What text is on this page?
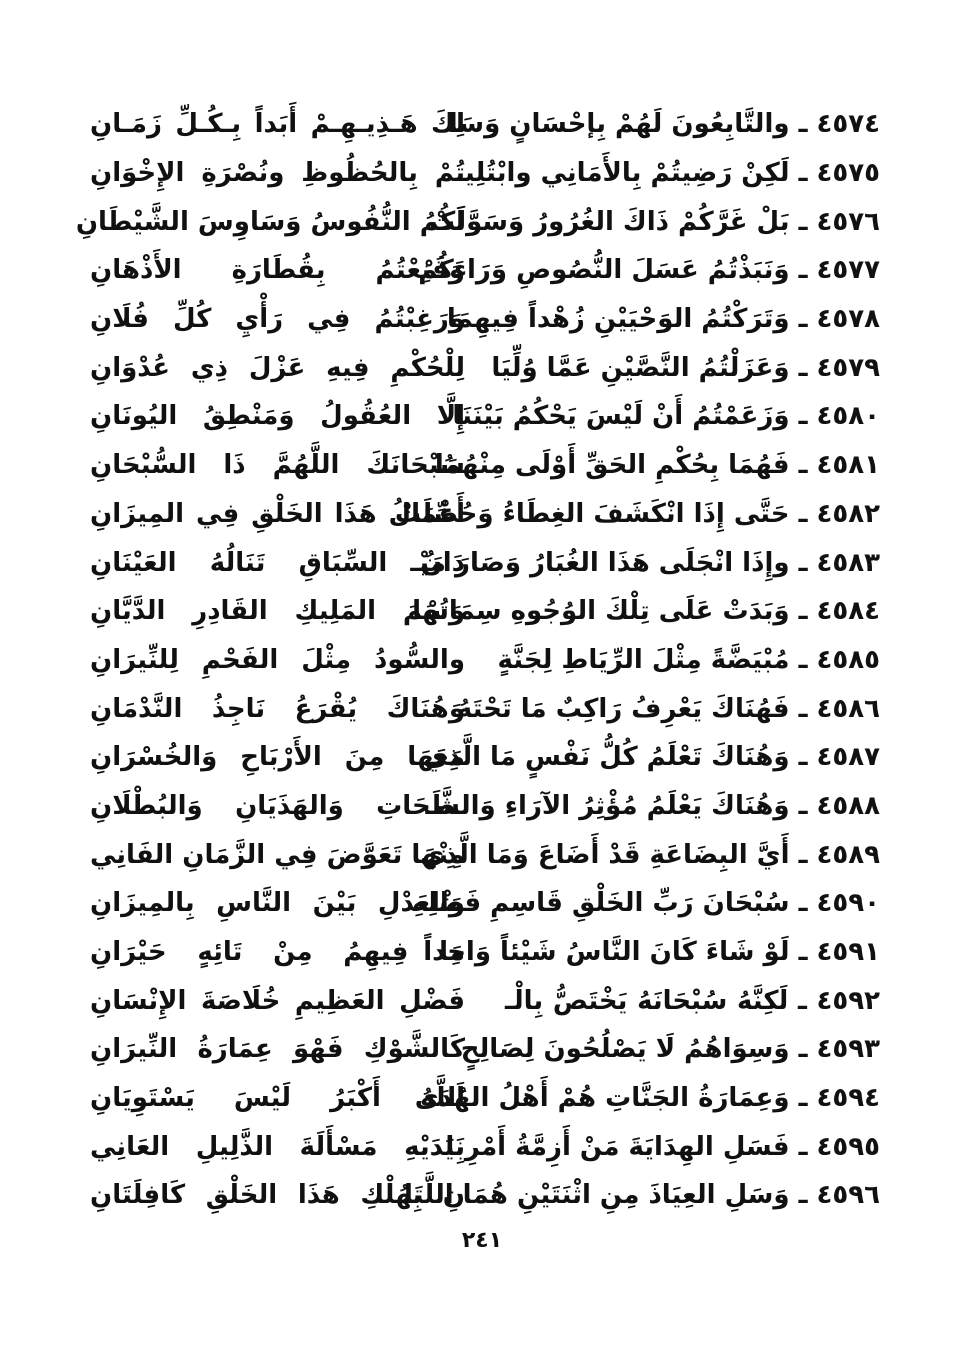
٤٥٧٤ ـ والتَّابِعُونَ لَهُمْ بِإحْسَانٍ وَسَا
لِكَ هَـذِيـهِـمْ أَبَداً بِـكُـلِّ زَمَـانِ
٤٥٧٥ ـ لَكِنْ رَضِيتُمْ بِالأَمَانِي وابْتُلِيـ
تُمْ بِالحُظُوظِ ونُصْرَةِ الإِخْوَانِ
٤٥٧٦ ـ بَلْ غَرَّكُمْ ذَاكَ الغُرُورُ وَسَوَّلَتْ
لَكُمُ النُّفُوسُ وَسَاوِسَ الشَّيْطَانِ
٤٥٧٧ ـ وَنَبَذْتُمُ عَسَلَ النُّصُوصِ وَرَاءَكُمْ
وَقَنِعْتُمُ بِقُطَارَةِ الأَذْهَانِ
٤٥٧٨ ـ وَتَرَكْتُمُ الوَحْيَيْنِ زُهْداً فِيهِمَا
وَرَغِبْتُمُ فِي رَأْيِ كُلِّ فُلَانِ
٤٥٧٩ ـ وَعَزَلْتُمُ النَّصَّيْنِ عَمَّا وُلِّيَا
لِلْحُكْمِ فِيهِ عَزْلَ ذِي عُدْوَانِ
٤٥٨٠ ـ وَزَعَمْتُمُ أَنْ لَيْسَ يَحْكُمُ بَيْنَنَا
إِلَّا العُقُولُ وَمَنْطِقُ اليُونَانِ
٤٥٨١ ـ فَهُمَا بِحُكْمِ الحَقِّ أَوْلَى مِنْهُمَا
سُبْحَانَكَ اللَّهُمَّ ذَا السُّبْحَانِ
٤٥٨٢ ـ حَتَّى إِذَا انْكَشَفَ الغِطَاءُ وَحُصِّلَتْ
أَعْمَالُ هَذَا الخَلْقِ فِي المِيزَانِ
٤٥٨٣ ـ وإِذَا انْجَلَى هَذَا الغُبَارُ وَصَارَ مَيْـ
دَانُ السِّبَاقِ تَنَالُهُ العَيْنَانِ
٤٥٨٤ ـ وَبَدَتْ عَلَى تِلْكَ الوُجُوهِ سِمَاتُهَا
وَسْمَ المَلِيكِ القَادِرِ الدَّيَّانِ
٤٥٨٥ ـ مُبْيَضَّةً مِثْلَ الرِّيَاطِ لِجَنَّةٍ
والسُّودُ مِثْلَ الفَحْمِ لِلنِّيرَانِ
٤٥٨٦ ـ فَهُنَاكَ يَعْرِفُ رَاكِبٌ مَا تَحْتَهُ
وَهُنَاكَ يُقْرَعُ نَاجِذُ النَّدْمَانِ
٤٥٨٧ ـ وَهُنَاكَ تَعْلَمُ كُلُّ نَفْسٍ مَا الَّذِي
مَعَهَا مِنَ الأَرْبَاحِ وَالخُسْرَانِ
٤٥٨٨ ـ وَهُنَاكَ يَعْلَمُ مُؤْثِرُ الآرَاءِ وَالشَّـ
ـطَحَاتِ وَالهَذَيَانِ وَالبُطْلَانِ
٤٥٨٩ ـ أَيَّ البِضَاعَةِ قَدْ أَضَاعَ وَمَا الَّذِي
مِنْهَا تَعَوَّضَ فِي الزَّمَانِ الفَانِي
٤٥٩٠ ـ سُبْحَانَ رَبِّ الخَلْقِ قَاسِمِ فَضْلِهِ
وَالعَدْلِ بَيْنَ النَّاسِ بِالمِيزَانِ
٤٥٩١ ـ لَوْ شَاءَ كَانَ النَّاسُ شَيْئاً وَاحِداً
مَا فِيهِمُ مِنْ تَائِهٍ حَيْرَانِ
٤٥٩٢ ـ لَكِنَّهُ سُبْحَانَهُ يَخْتَصُّ بِالْـ
فَضْلِ العَظِيمِ خُلَاصَةَ الإِنْسَانِ
٤٥٩٣ ـ وَسِوَاهُمُ لَا يَصْلُحُونَ لِصَالِحٍ
كَالشَّوْكِ فَهْوَ عِمَارَةُ النِّيرَانِ
٤٥٩٤ ـ وَعِمَارَةُ الجَنَّاتِ هُمْ أَهْلُ الهُدَى
اَللَّهُ أَكْبَرُ لَيْسَ يَسْتَوِيَانِ
٤٥٩٥ ـ فَسَلِ الهِدَايَةَ مَنْ أَزِمَّةُ أَمْرِنَا
بِيَدَيْهِ مَسْأَلَةَ الذَّلِيلِ العَانِي
٤٥٩٦ ـ وَسَلِ العِيَاذَ مِنِ اثْنَتَيْنِ هُمَا اللَّتَا
نِ بِهُلْكِ هَذَا الخَلْقِ كَافِلَتَانِ
٢٤١
